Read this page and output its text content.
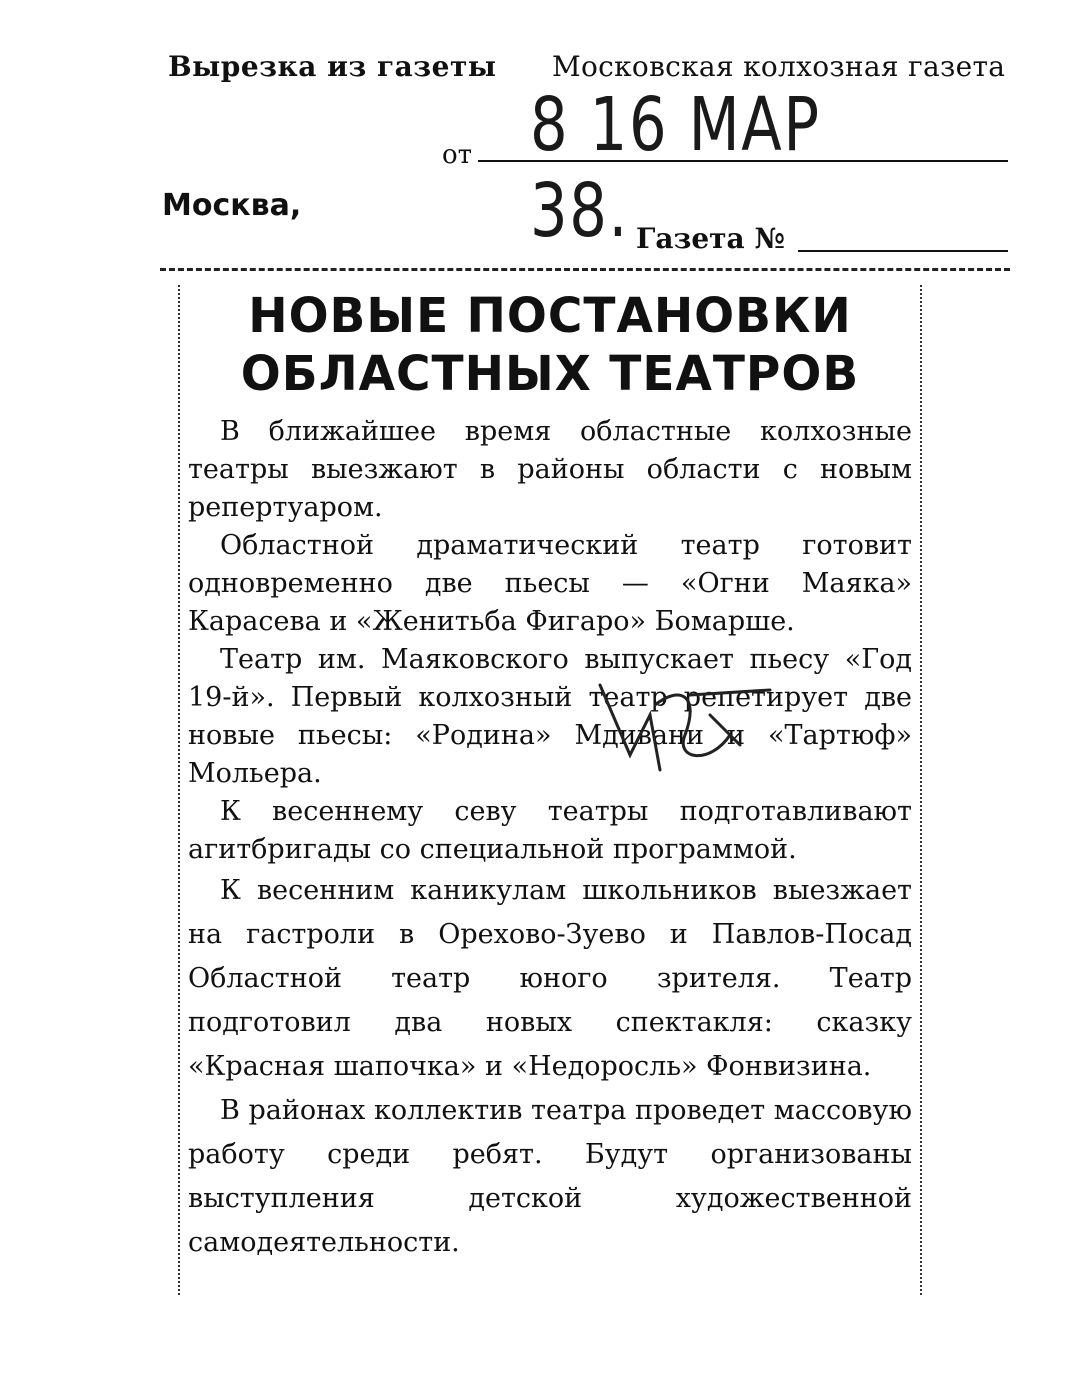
Вырезка из газеты Московская колхозная газета
8 16 МАР 38.
от
Москва,
Газета №
НОВЫЕ ПОСТАНОВКИ
ОБЛАСТНЫХ ТЕАТРОВ

В ближайшее время областные колхозные театры выезжают в районы области с новым репертуаром.

Областной драматический театр готовит одновременно две пьесы — «Огни Маяка» Карасева и «Женитьба Фигаро» Бомарше.

Театр им. Маяковского выпускает пьесу «Год 19-й». Первый колхозный театр репетирует две новые пьесы: «Родина» Мдивани и «Тартюф» Мольера.

К весеннему севу театры подготавливают агитбригады со специальной программой.

К весенним каникулам школьников выезжает на гастроли в Орехово-Зуево и Павлов-Посад Областной театр юного зрителя. Театр подготовил два новых спектакля: сказку «Красная шапочка» и «Недоросль» Фонвизина.

В районах коллектив театра проведет массовую работу среди ребят. Будут организованы выступления детской художественной самодеятельности.
